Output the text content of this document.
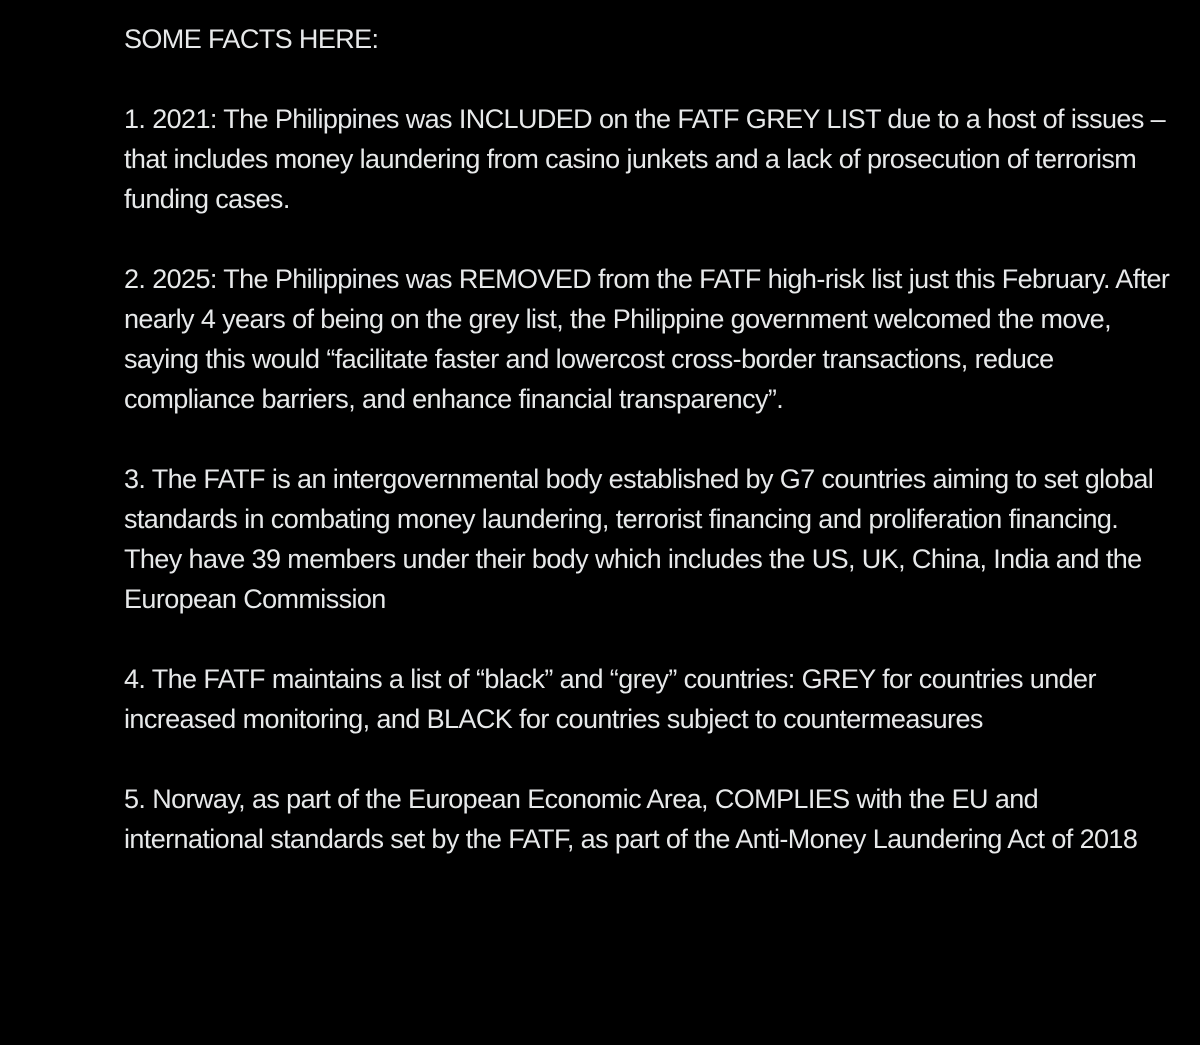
SOME FACTS HERE:

1. 2021: The Philippines was INCLUDED on the FATF GREY LIST due to a host of issues – that includes money laundering from casino junkets and a lack of prosecution of terrorism funding cases.

2. 2025: The Philippines was REMOVED from the FATF high-risk list just this February. After nearly 4 years of being on the grey list, the Philippine government welcomed the move, saying this would “facilitate faster and lowercost cross-border transactions, reduce compliance barriers, and enhance financial transparency”.

3. The FATF is an intergovernmental body established by G7 countries aiming to set global standards in combating money laundering, terrorist financing and proliferation financing. They have 39 members under their body which includes the US, UK, China, India and the European Commission

4. The FATF maintains a list of “black” and “grey” countries: GREY for countries under increased monitoring, and BLACK for countries subject to countermeasures

5. Norway, as part of the European Economic Area, COMPLIES with the EU and international standards set by the FATF, as part of the Anti-Money Laundering Act of 2018
